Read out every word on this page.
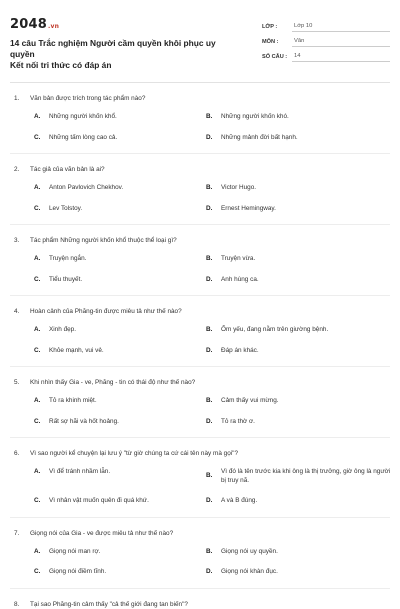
2048.vn
14 câu Trắc nghiệm Người cầm quyền khôi phục uy quyền
Kết nối tri thức có đáp án
LỚP :	Lớp 10
MÔN :	Văn
SỐ CÂU :	14
1.	Văn bản được trích trong tác phẩm nào?
A.	Những người khốn khổ.	B.	Những người khốn khó.
C.	Những tấm lòng cao cả.	D.	Những mảnh đời bất hạnh.
2.	Tác giả của văn bản là ai?
A.	Anton Pavlovich Chekhov.	B.	Victor Hugo.
C.	Lev Tolstoy.	D.	Ernest Hemingway.
3.	Tác phẩm Những người khốn khổ thuộc thể loại gì?
A.	Truyện ngắn.	B.	Truyện vừa.
C.	Tiểu thuyết.	D.	Anh hùng ca.
4.	Hoàn cảnh của Phăng-tin được miêu tả như thế nào?
A.	Xinh đẹp.	B.	Ốm yếu, đang nằm trên giường bệnh.
C.	Khỏe mạnh, vui vẻ.	D.	Đáp án khác.
5.	Khi nhìn thấy Gia - ve, Phăng - tin có thái độ như thế nào?
A.	Tỏ ra khinh miệt.	B.	Cảm thấy vui mừng.
C.	Rất sợ hãi và hốt hoảng.	D.	Tỏ ra thờ ơ.
6.	Vì sao người kể chuyện lại lưu ý "từ giờ chúng ta cứ cái tên này mà gọi"?
A.	Vì để tránh nhầm lẫn.
B.
Vì đó là tên trước kia khi ông là thị trưởng, giờ ông là người bị truy nã.
C.	Vì nhân vật muốn quên đi quá khứ.	D.	A và B đúng.
7.	Giọng nói của Gia - ve được miêu tả như thế nào?
A.	Giọng nói man rợ.	B.	Giọng nói uy quyền.
C.	Giọng nói điềm tĩnh.	D.	Giọng nói khàn đục.
8.	Tại sao Phăng-tin cảm thấy "cả thế giới đang tan biến"?
